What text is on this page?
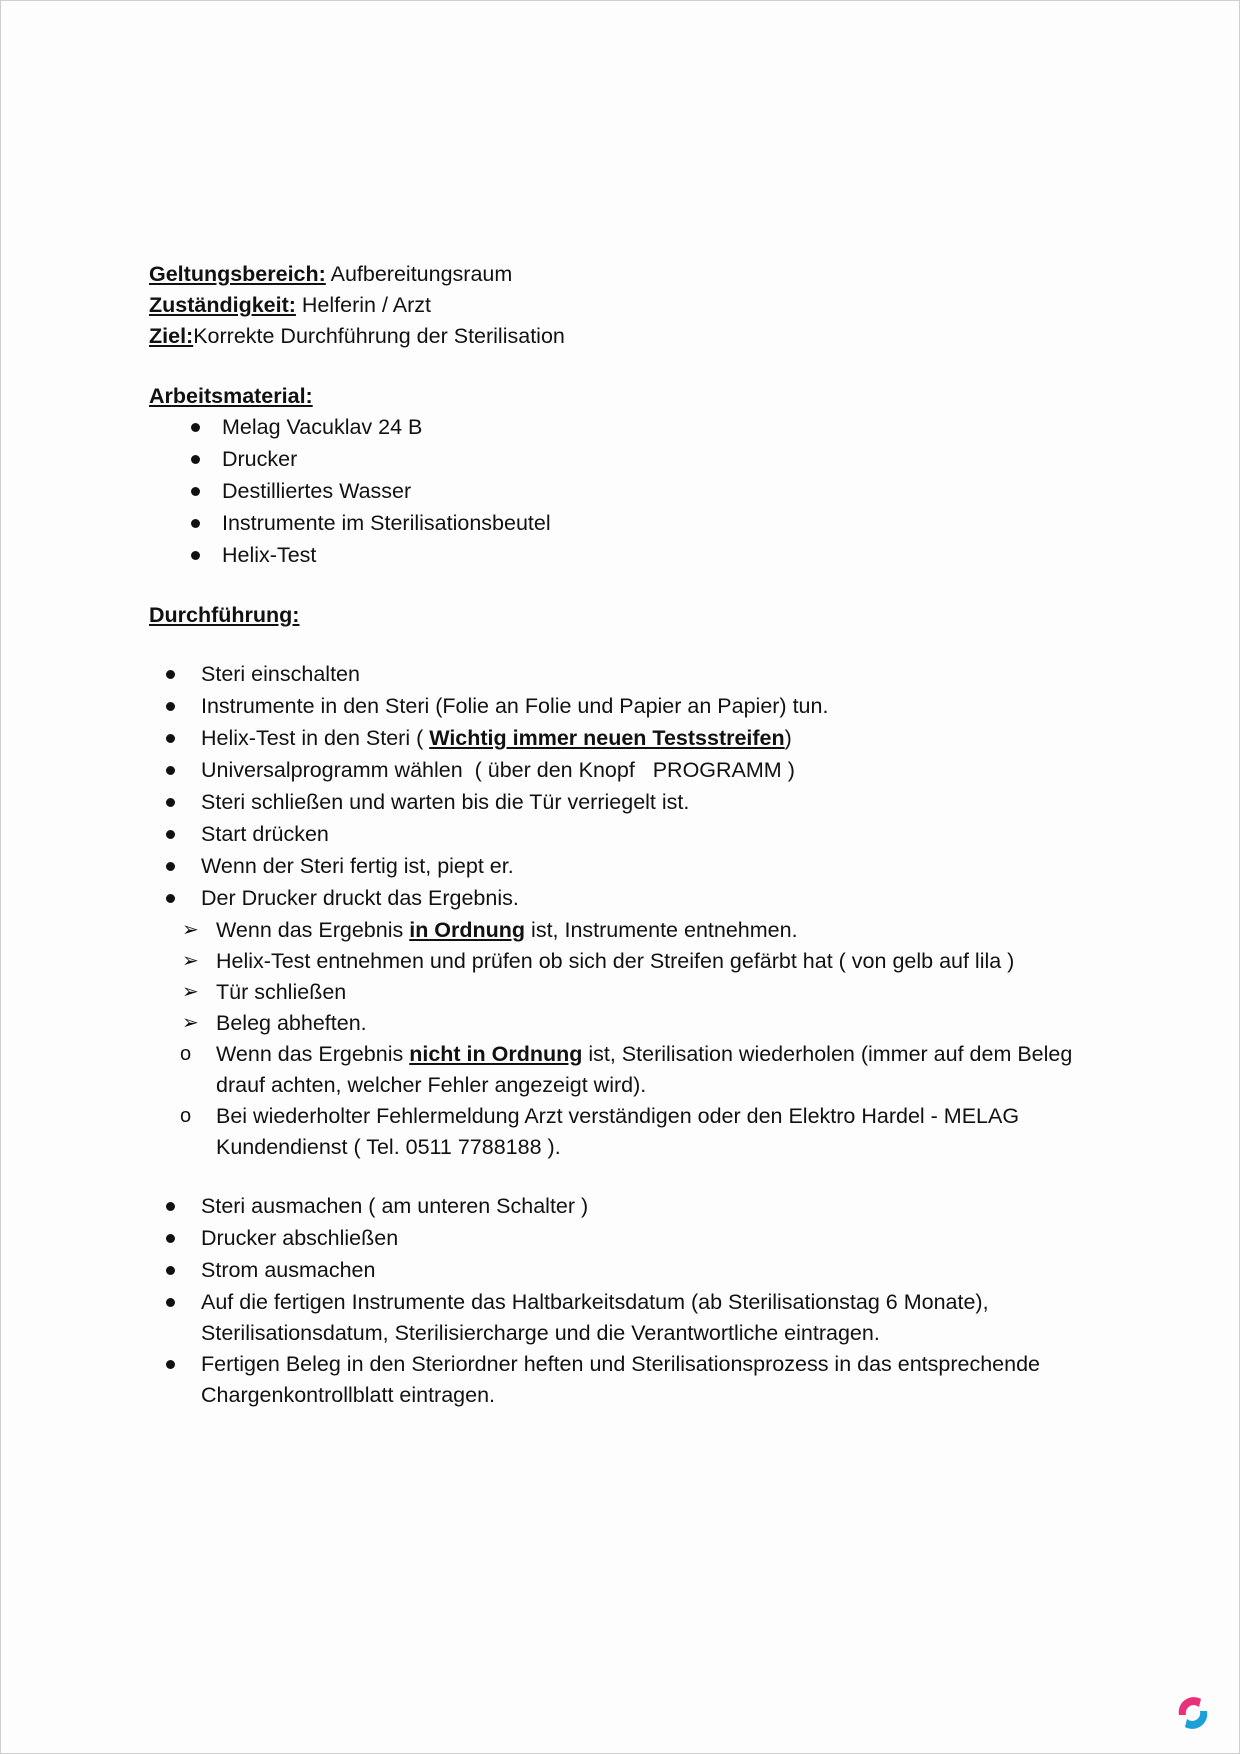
Geltungsbereich: Aufbereitungsraum
Zuständigkeit: Helferin / Arzt
Ziel:Korrekte Durchführung der Sterilisation
Arbeitsmaterial:
Melag Vacuklav 24 B
Drucker
Destilliertes Wasser
Instrumente im Sterilisationsbeutel
Helix-Test
Durchführung:
Steri einschalten
Instrumente in den Steri (Folie an Folie und Papier an Papier) tun.
Helix-Test in den Steri ( Wichtig immer neuen Testsstreifen)
Universalprogramm wählen  ( über den Knopf   PROGRAMM )
Steri schließen und warten bis die Tür verriegelt ist.
Start drücken
Wenn der Steri fertig ist, piept er.
Der Drucker druckt das Ergebnis.
➢ Wenn das Ergebnis in Ordnung ist, Instrumente entnehmen.
➢ Helix-Test entnehmen und prüfen ob sich der Streifen gefärbt hat ( von gelb auf lila )
➢ Tür schließen
➢ Beleg abheften.
o Wenn das Ergebnis nicht in Ordnung ist, Sterilisation wiederholen (immer auf dem Beleg drauf achten, welcher Fehler angezeigt wird).
o Bei wiederholter Fehlermeldung Arzt verständigen oder den Elektro Hardel - MELAG Kundendienst ( Tel. 0511 7788188 ).
Steri ausmachen ( am unteren Schalter )
Drucker abschließen
Strom ausmachen
Auf die fertigen Instrumente das Haltbarkeitsdatum (ab Sterilisationstag 6 Monate), Sterilisationsdatum, Sterilisiercharge und die Verantwortliche eintragen.
Fertigen Beleg in den Steriordner heften und Sterilisationsprozess in das entsprechende Chargenkontrollblatt eintragen.
